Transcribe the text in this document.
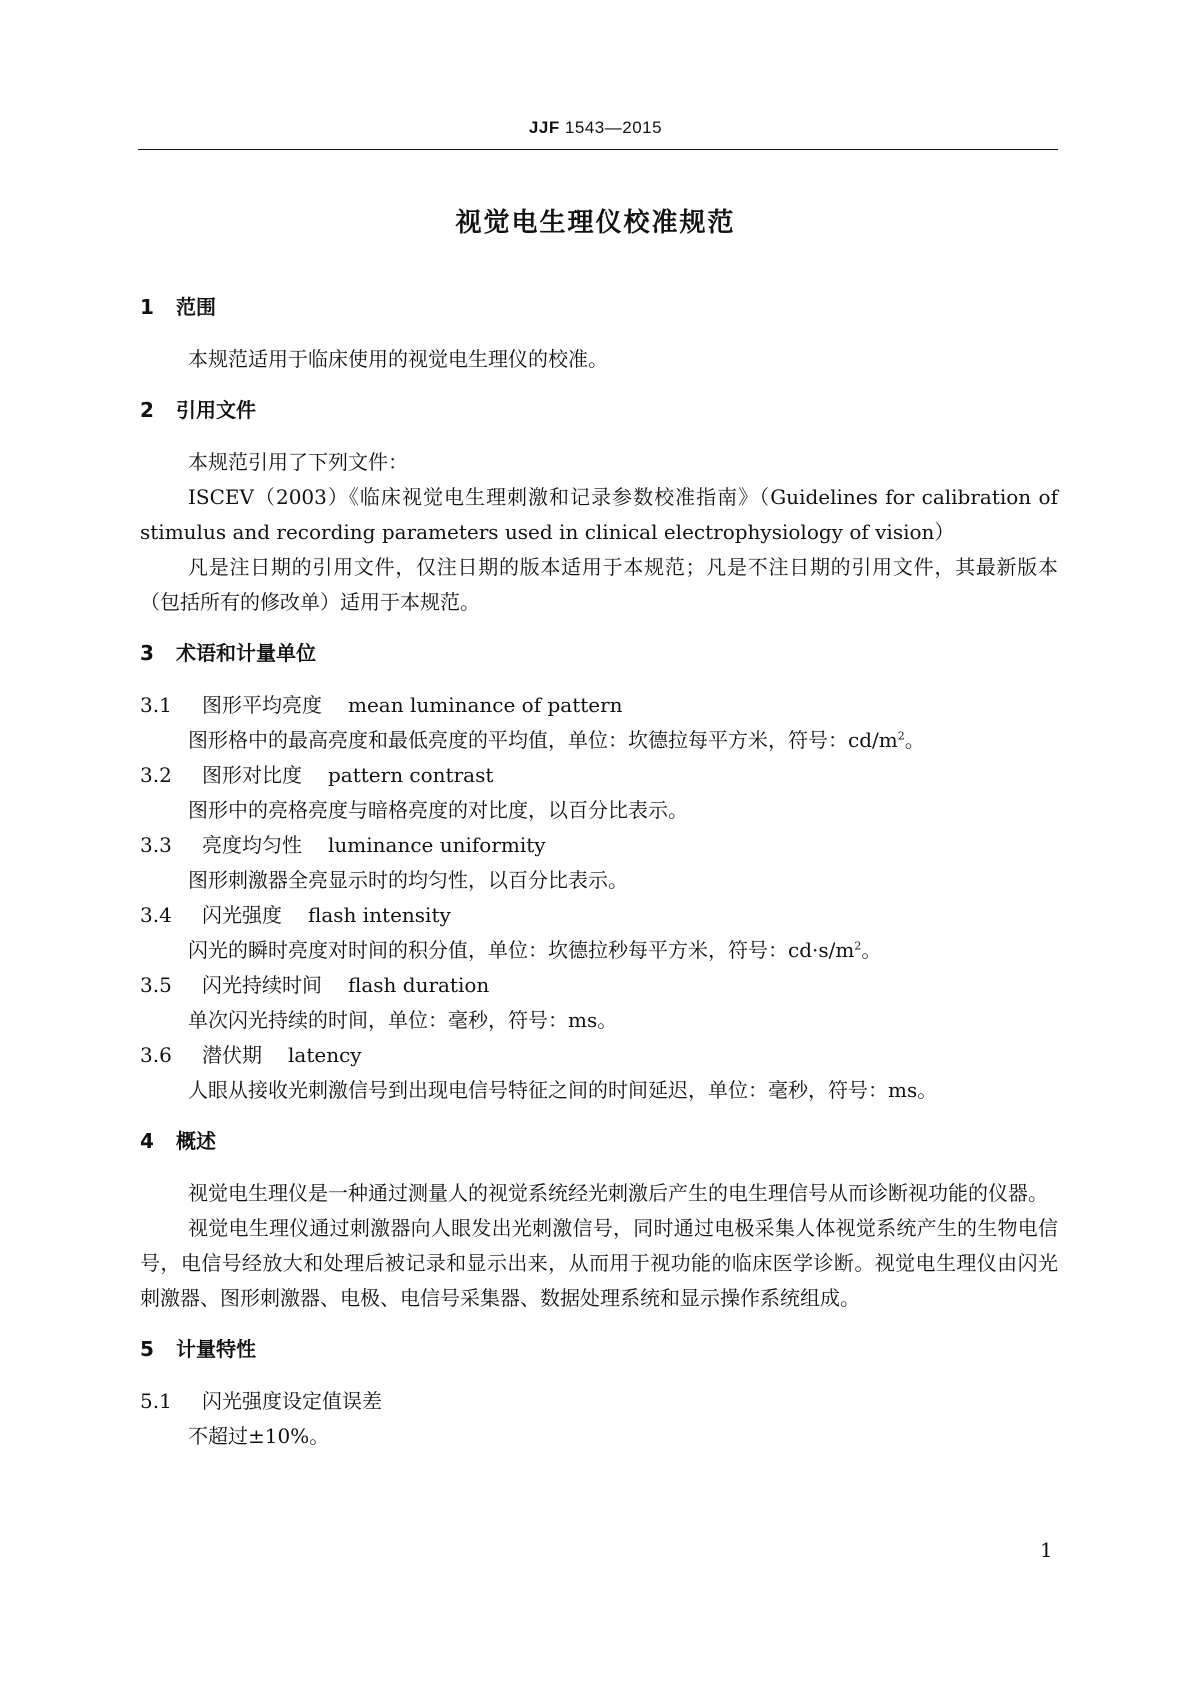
JJF 1543—2015
视觉电生理仪校准规范
1 范围

本规范适用于临床使用的视觉电生理仪的校准。

2 引用文件

本规范引用了下列文件：

ISCEV（2003）《临床视觉电生理刺激和记录参数校准指南》（Guidelines for calibration of stimulus and recording parameters used in clinical electrophysiology of vision）

凡是注日期的引用文件，仅注日期的版本适用于本规范；凡是不注日期的引用文件，其最新版本（包括所有的修改单）适用于本规范。

3 术语和计量单位
3.1 图形平均亮度 mean luminance of pattern
图形格中的最高亮度和最低亮度的平均值，单位：坎德拉每平方米，符号：$cd/m^2$。
3.2 图形对比度 pattern contrast
图形中的亮格亮度与暗格亮度的对比度，以百分比表示。
3.3 亮度均匀性 luminance uniformity
图形刺激器全亮显示时的均匀性，以百分比表示。
3.4 闪光强度 flash intensity
闪光的瞬时亮度对时间的积分值，单位：坎德拉秒每平方米，符号：$cd\cdot s/m^2$。
3.5 闪光持续时间 flash duration
单次闪光持续的时间，单位：毫秒，符号：ms。
3.6 潜伏期 latency
人眼从接收光刺激信号到出现电信号特征之间的时间延迟，单位：毫秒，符号：ms。
4 概述

视觉电生理仪是一种通过测量人的视觉系统经光刺激后产生的电生理信号从而诊断视功能的仪器。

视觉电生理仪通过刺激器向人眼发出光刺激信号，同时通过电极采集人体视觉系统产生的生物电信号，电信号经放大和处理后被记录和显示出来，从而用于视功能的临床医学诊断。视觉电生理仪由闪光刺激器、图形刺激器、电极、电信号采集器、数据处理系统和显示操作系统组成。

5 计量特性
5.1 闪光强度设定值误差
不超过±10%。
1
